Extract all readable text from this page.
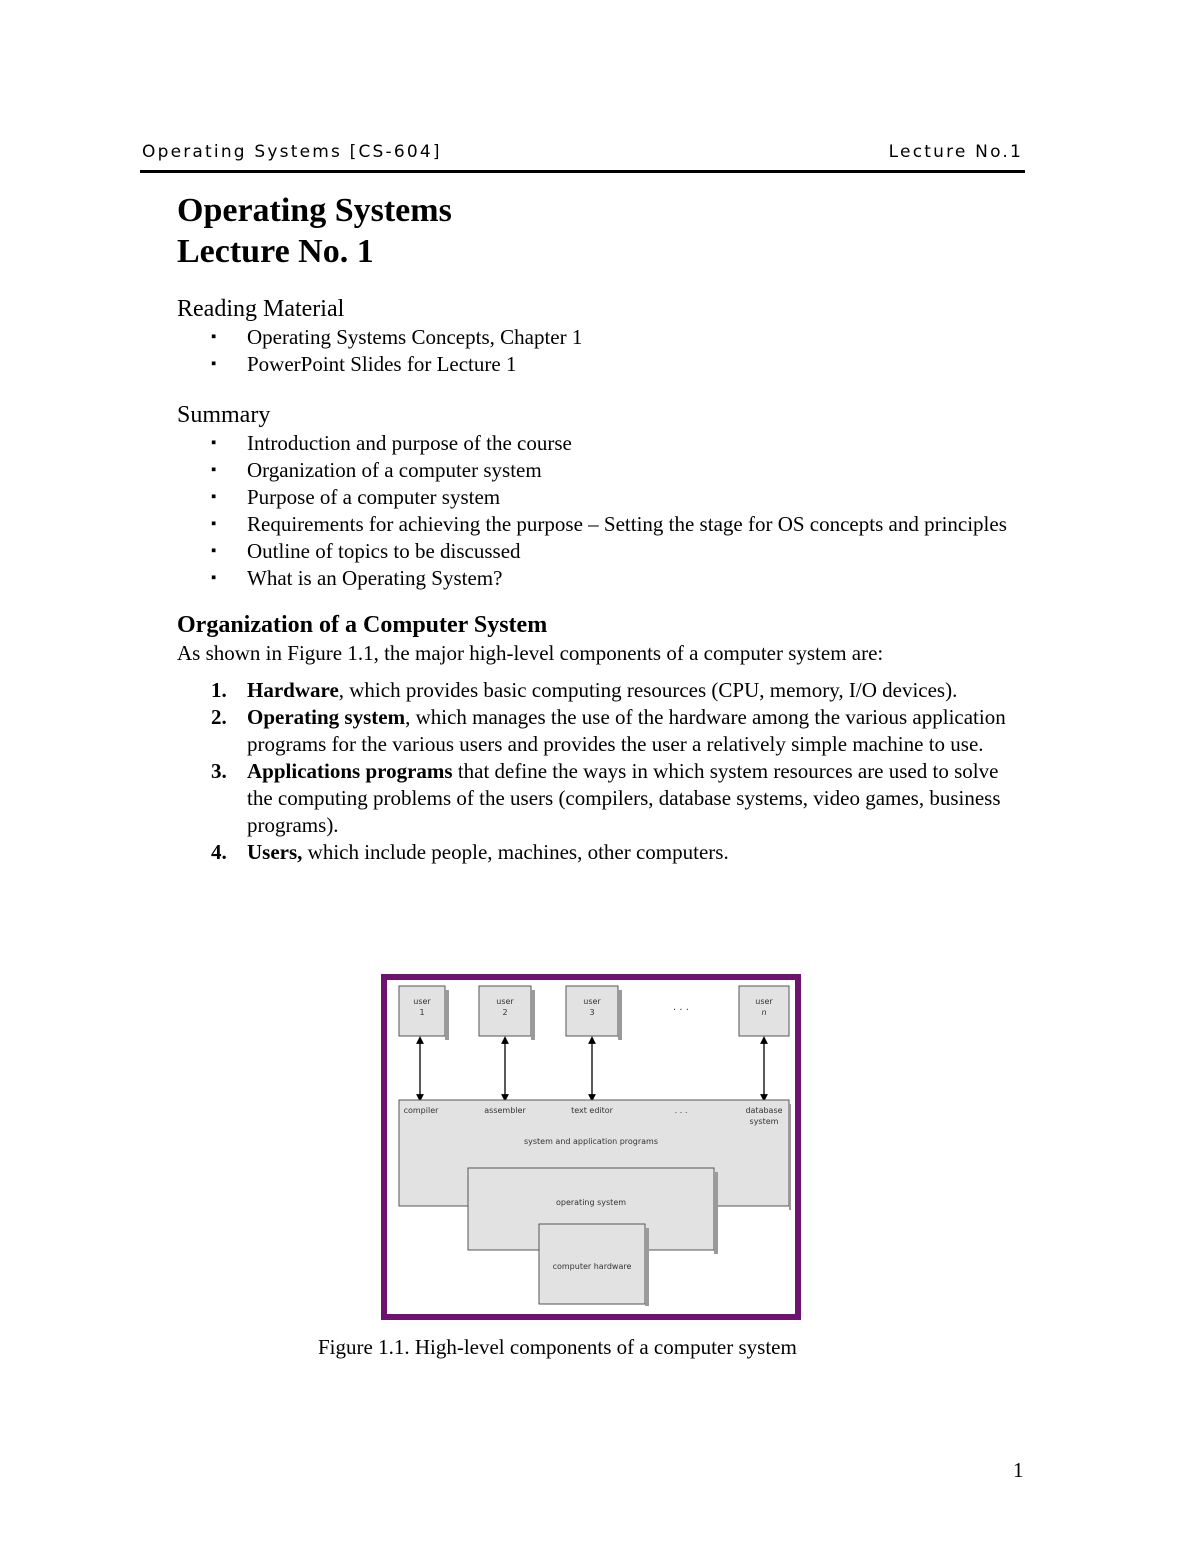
Operating Systems [CS-604]	Lecture No.1
Operating Systems
Lecture No. 1
Reading Material
▪ Operating Systems Concepts, Chapter 1
▪ PowerPoint Slides for Lecture 1
Summary
▪ Introduction and purpose of the course
▪ Organization of a computer system
▪ Purpose of a computer system
▪ Requirements for achieving the purpose – Setting the stage for OS concepts and principles
▪ Outline of topics to be discussed
▪ What is an Operating System?
Organization of a Computer System
As shown in Figure 1.1, the major high-level components of a computer system are:
1. Hardware, which provides basic computing resources (CPU, memory, I/O devices).
2. Operating system, which manages the use of the hardware among the various application programs for the various users and provides the user a relatively simple machine to use.
3. Applications programs that define the ways in which system resources are used to solve the computing problems of the users (compilers, database systems, video games, business programs).
4. Users, which include people, machines, other computers.
user
1
user
2
user
3	. . .
user
n
compiler	assembler	text editor	. . .	database
system
system and application programs
operating system
computer hardware
Figure 1.1. High-level components of a computer system
1
